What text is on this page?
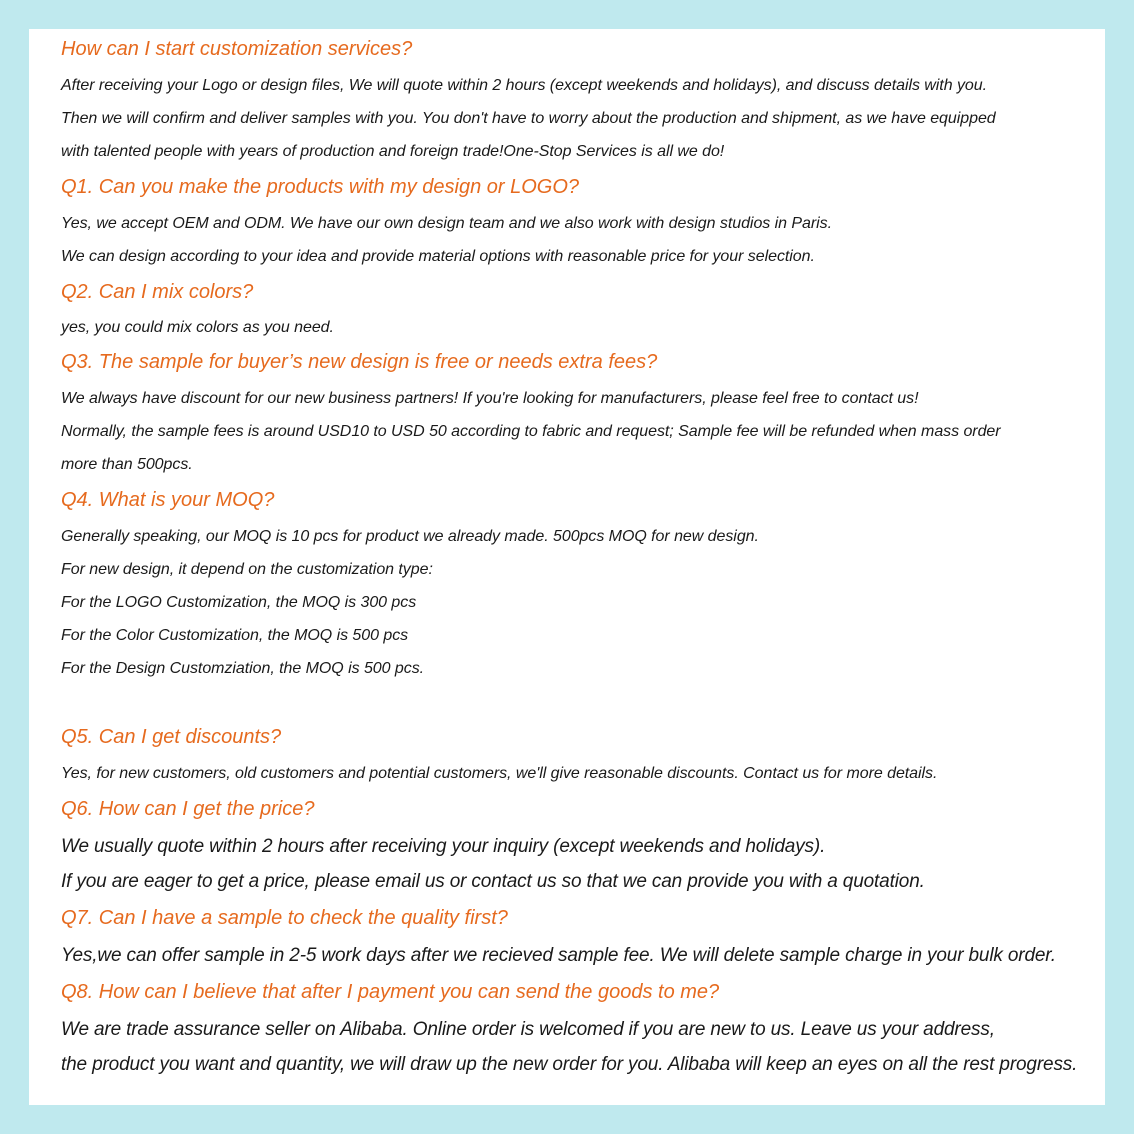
How can I start customization services?
After receiving your Logo or design files, We will quote within 2 hours (except weekends and holidays), and discuss details with you.
Then we will confirm and deliver samples with you. You don't have to worry about the production and shipment, as we have equipped
with talented people with years of production and foreign trade!One-Stop Services is all we do!
Q1. Can you make the products with my design or LOGO?
Yes, we accept OEM and ODM. We have our own design team and we also work with design studios in Paris.
We can design according to your idea and provide material options with reasonable price for your selection.
Q2. Can I mix colors?
yes, you could mix colors as you need.
Q3. The sample for buyer’s new design is free or needs extra fees?
We always have discount for our new business partners! If you're looking for manufacturers, please feel free to contact us!
Normally, the sample fees is around USD10 to USD 50 according to fabric and request; Sample fee will be refunded when mass order
more than 500pcs.
Q4. What is your MOQ?
Generally speaking, our MOQ is 10 pcs for product we already made. 500pcs MOQ for new design.
For new design, it depend on the customization type:
For the LOGO Customization, the MOQ is 300 pcs
For the Color Customization, the MOQ is 500 pcs
For the Design Customzіation, the MOQ is 500 pcs.
Q5. Can I get discounts?
Yes, for new customers, old customers and potential customers, we'll give reasonable discounts. Contact us for more details.
Q6. How can I get the price?
We usually quote within 2 hours after receiving your inquiry (except weekends and holidays).
If you are eager to get a price, please email us or contact us so that we can provide you with a quotation.
Q7. Can I have a sample to check the quality first?
Yes,we can offer sample in 2-5 work days after we recieved sample fee. We will delete sample charge in your bulk order.
Q8. How can I believe that after I payment you can send the goods to me?
We are trade assurance seller on Alibaba. Online order is welcomed if you are new to us. Leave us your address,
the product you want and quantity, we will draw up the new order for you. Alibaba will keep an eyes on all the rest progress.
